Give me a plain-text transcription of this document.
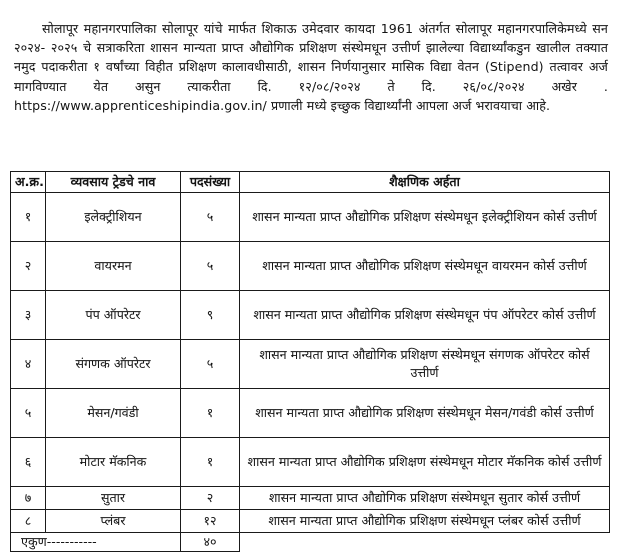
सोलापूर महानगरपालिका सोलापूर यांचे मार्फत शिकाऊ उमेदवार कायदा 1961 अंतर्गत सोलापूर महानगरपालिकेमध्ये सन २०२४- २०२५ चे सत्राकरिता शासन मान्यता प्राप्त औद्योगिक प्रशिक्षण संस्थेमधून उत्तीर्ण झालेल्या विद्यार्थ्यांकडुन खालील तक्यात नमुद पदाकरीता १ वर्षांच्या विहीत प्रशिक्षण कालावधीसाठी, शासन निर्णयानुसार मासिक विद्या वेतन (Stipend) तत्वावर अर्ज मागविण्यात येत असुन त्याकरीता दि. १२/०८/२०२४ ते दि. २६/०८/२०२४ अखेर . https://www.apprenticeshipindia.gov.in/ प्रणाली मध्ये इच्छुक विद्यार्थ्यांनी आपला अर्ज भरावयाचा आहे.

अ.क्र.	व्यवसाय ट्रेडचे नाव	पदसंख्या	शैक्षणिक अर्हता
१	इलेक्ट्रीशियन	५	शासन मान्यता प्राप्त औद्योगिक प्रशिक्षण संस्थेमधून इलेक्ट्रीशियन कोर्स उत्तीर्ण
२	वायरमन	५	शासन मान्यता प्राप्त औद्योगिक प्रशिक्षण संस्थेमधून वायरमन कोर्स उत्तीर्ण
३	पंप ऑपरेटर	९	शासन मान्यता प्राप्त औद्योगिक प्रशिक्षण संस्थेमधून पंप ऑपरेटर कोर्स उत्तीर्ण
४	संगणक ऑपरेटर	५	शासन मान्यता प्राप्त औद्योगिक प्रशिक्षण संस्थेमधून संगणक ऑपरेटर कोर्स उत्तीर्ण
५	मेसन/गवंडी	१	शासन मान्यता प्राप्त औद्योगिक प्रशिक्षण संस्थेमधून मेसन/गवंडी कोर्स उत्तीर्ण
६	मोटार मॅकनिक	१	शासन मान्यता प्राप्त औद्योगिक प्रशिक्षण संस्थेमधून मोटार मॅकनिक कोर्स उत्तीर्ण
७	सुतार	२	शासन मान्यता प्राप्त औद्योगिक प्रशिक्षण संस्थेमधून सुतार कोर्स उत्तीर्ण
८	प्लंबर	१२	शासन मान्यता प्राप्त औद्योगिक प्रशिक्षण संस्थेमधून प्लंबर कोर्स उत्तीर्ण
एकुण-----------		४०	
